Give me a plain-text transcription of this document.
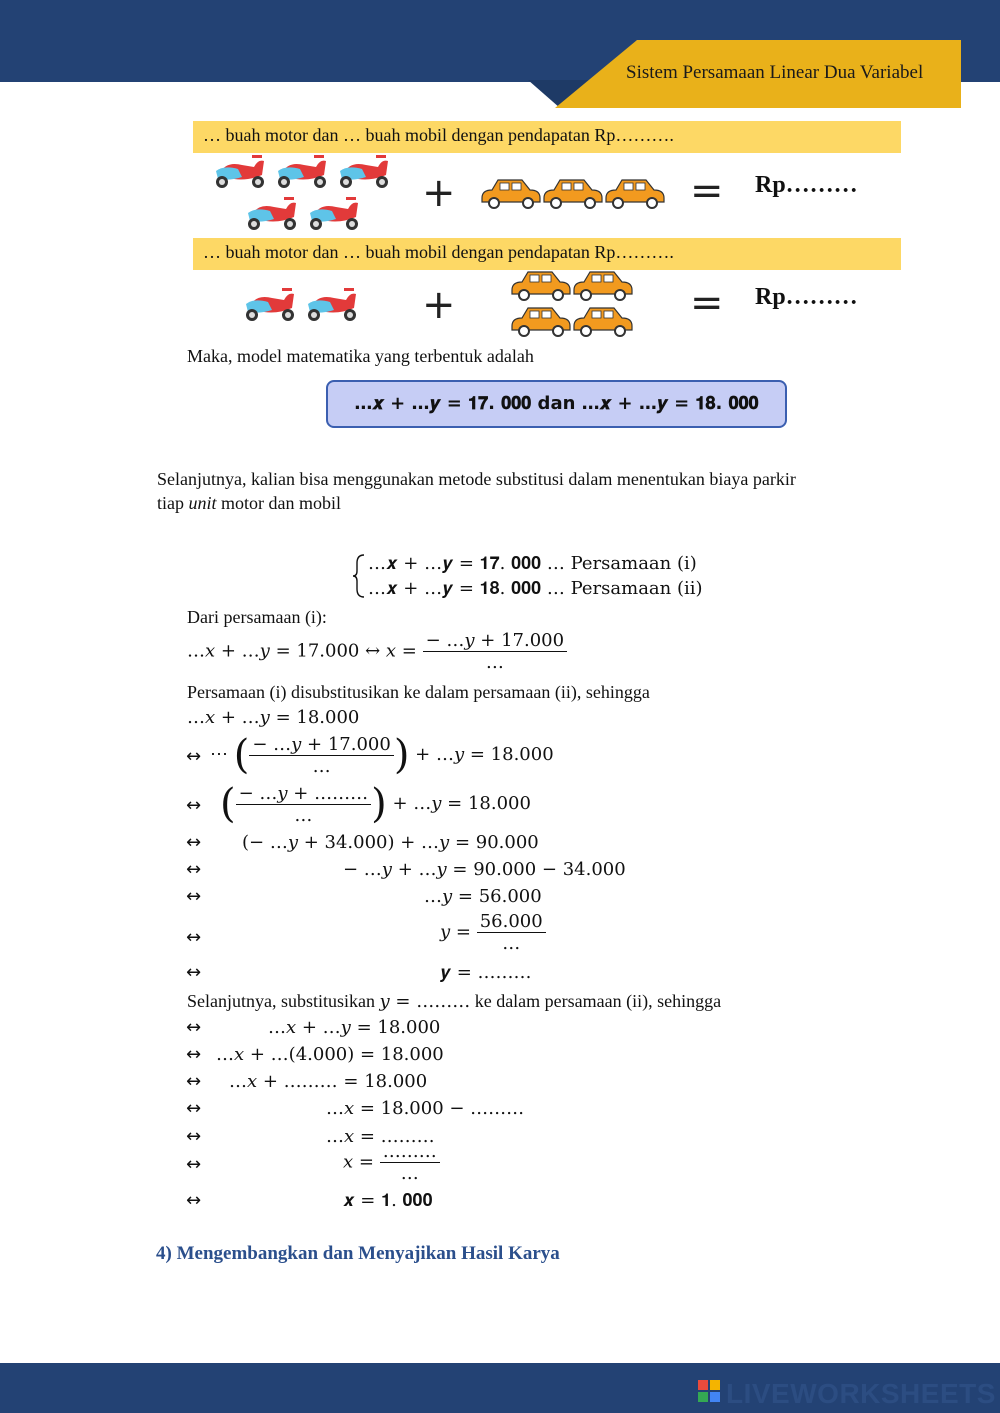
Sistem Persamaan Linear Dua Variabel
… buah motor dan … buah mobil dengan pendapatan Rp……….
+	= Rp………
… buah motor dan … buah mobil dengan pendapatan Rp……….
+	= Rp………
Maka, model matematika yang terbentuk adalah
…𝒙 + …𝒚 = 𝟏𝟕. 𝟎𝟎𝟎 dan …𝒙 + …𝒚 = 𝟏𝟖. 𝟎𝟎𝟎
Selanjutnya, kalian bisa menggunakan metode substitusi dalam menentukan biaya parkir
tiap unit motor dan mobil
…𝒙 + …𝒚 = 𝟏𝟕. 𝟎𝟎𝟎 … Persamaan (i)
…𝒙 + …𝒚 = 𝟏𝟖. 𝟎𝟎𝟎 … Persamaan (ii)
Dari persamaan (i):
…𝑥 + …𝑦 = 17.000 ↔ 𝑥 = $\frac{\text{− …𝑦 + 17.000}}{\dots}$
Persamaan (i) disubstitusikan ke dalam persamaan (ii), sehingga
…𝑥 + …𝑦 = 18.000
↔ ⋯ ( $\frac{\text{− …𝑦 + 17.000}}{\dots}$ ) + …𝑦 = 18.000
↔ ( $\frac{\text{− …𝑦 + ………}}{\dots}$ ) + …𝑦 = 18.000
↔ (− …𝑦 + 34.000) + …𝑦 = 90.000
↔	− …𝑦 + …𝑦 = 90.000 − 34.000
↔	…𝑦 = 56.000
↔	𝑦 = $\frac{56.000}{\dots}$
↔	𝒚 = ………
Selanjutnya, substitusikan 𝑦 = ……… ke dalam persamaan (ii), sehingga
↔	…𝑥 + …𝑦 = 18.000
↔ …𝑥 + …(4.000) = 18.000
↔ …𝑥 + ……… = 18.000
↔	…𝑥 = 18.000 − ………
↔	…𝑥 = ………
↔	𝑥 = $\frac{\dots\dots\dots}{\dots}$
↔	𝒙 = 𝟏. 𝟎𝟎𝟎
4) Mengembangkan dan Menyajikan Hasil Karya
LIVEWORKSHEETS
